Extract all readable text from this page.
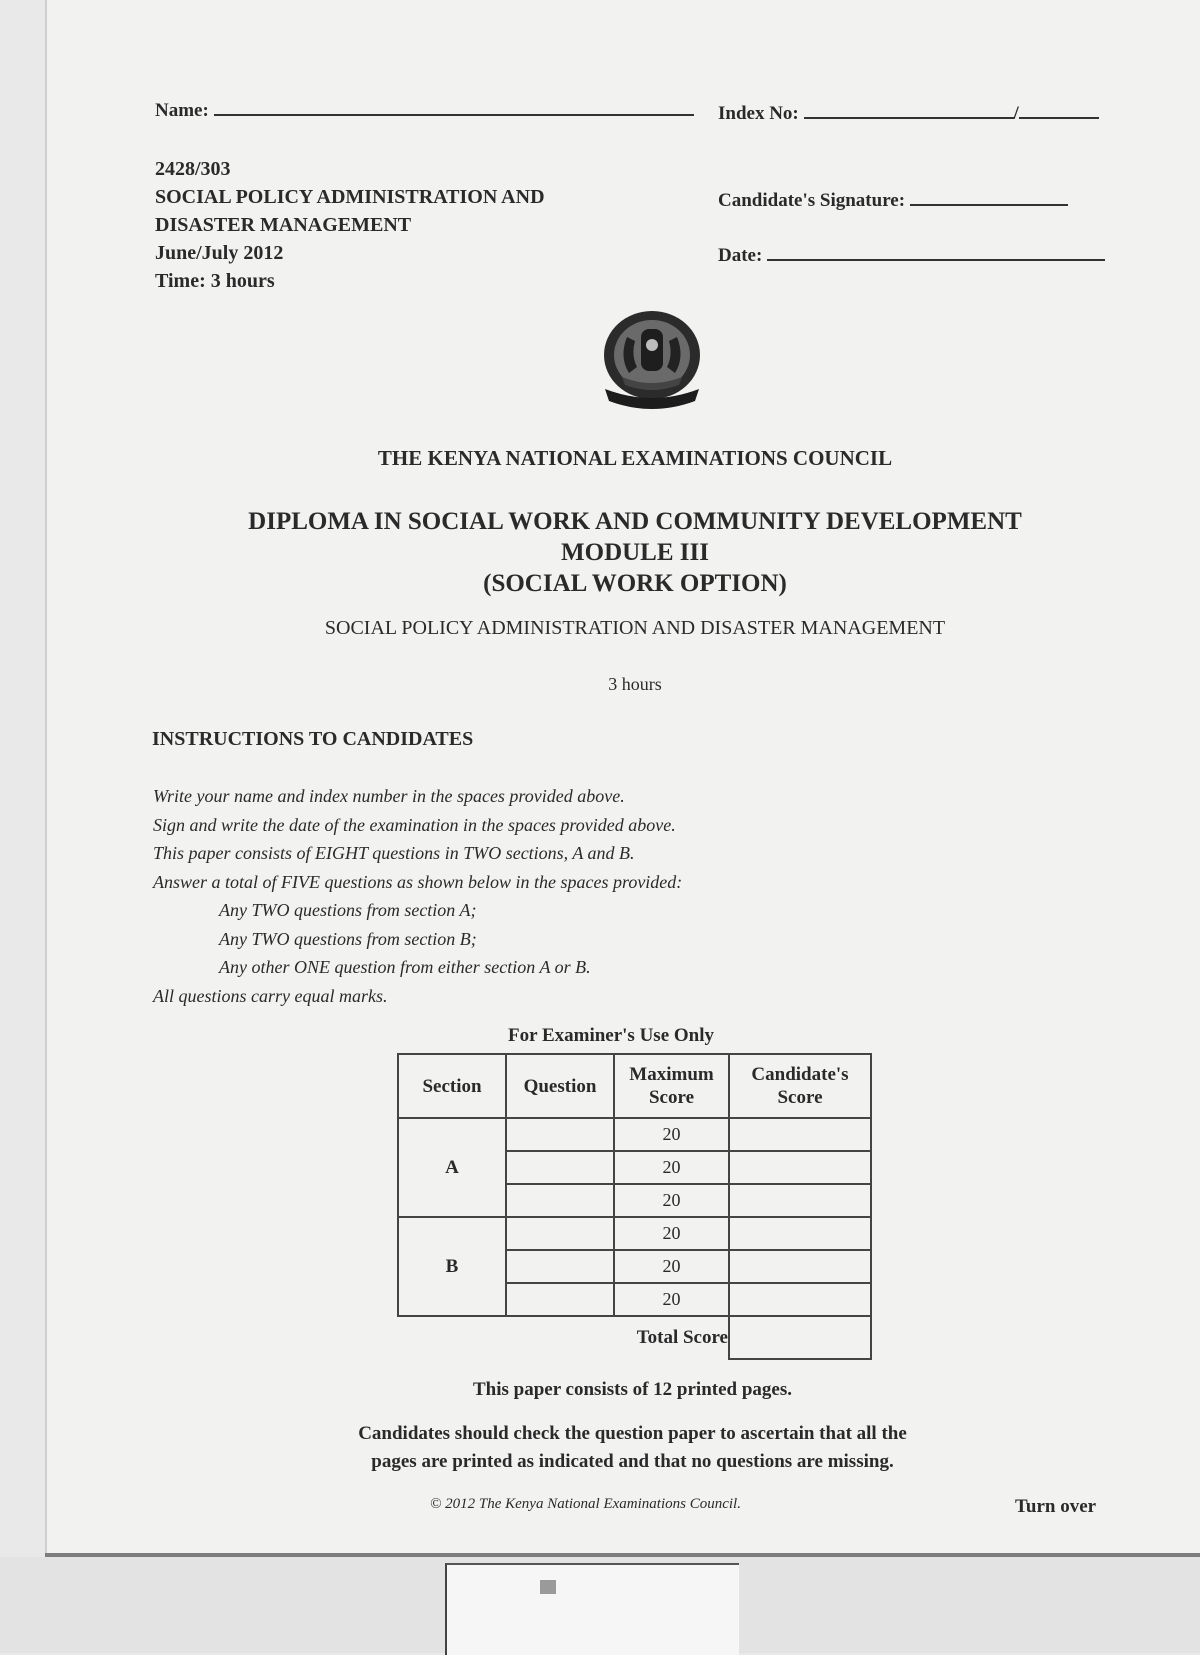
Name:	Index No:	/
2428/303
SOCIAL POLICY ADMINISTRATION AND
DISASTER MANAGEMENT
June/July 2012
Time: 3 hours
Candidate's Signature:
Date:
THE KENYA NATIONAL EXAMINATIONS COUNCIL
DIPLOMA IN SOCIAL WORK AND COMMUNITY DEVELOPMENT
MODULE III
(SOCIAL WORK OPTION)
SOCIAL POLICY ADMINISTRATION AND DISASTER MANAGEMENT
3 hours
INSTRUCTIONS TO CANDIDATES
Write your name and index number in the spaces provided above.
Sign and write the date of the examination in the spaces provided above.
This paper consists of EIGHT questions in TWO sections, A and B.
Answer a total of FIVE questions as shown below in the spaces provided:
Any TWO questions from section A;
Any TWO questions from section B;
Any other ONE question from either section A or B.
All questions carry equal marks.
For Examiner's Use Only
Section	Question	Maximum Score	Candidate's Score
A		20	
		20	
		20	
B		20	
		20	
		20	
	Total Score		
This paper consists of 12 printed pages.
Candidates should check the question paper to ascertain that all the
pages are printed as indicated and that no questions are missing.
© 2012 The Kenya National Examinations Council.	Turn over
